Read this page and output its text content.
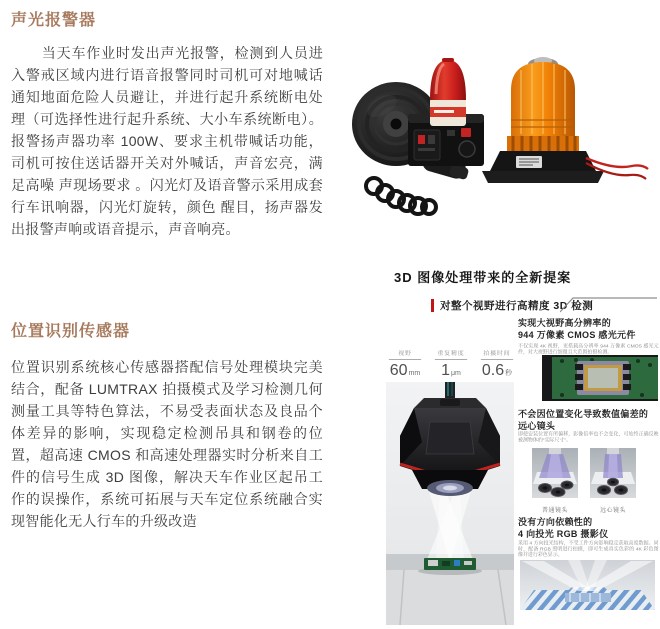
声光报警器
当天车作业时发出声光报警，检测到人员进入警戒区域内进行语音报警同时司机可对地喊话通知地面危险人员避让，并进行起升系统断电处理（可选择性进行起升系统、大小车系统断电）。报警扬声器功率 100W、要求主机带喊话功能，司机可按住送话器开关对外喊话，声音宏亮，满足高噪 声现场要求 。闪光灯及语音警示采用成套行车讯响器，闪光灯旋转，颜色 醒目，扬声器发出报警声响或语音提示，声音响亮。
位置识别传感器
位置识别系统核心传感器搭配信号处理模块完美结合，配备 LUMTRAX 拍摄模式及学习检测几何测量工具等特色算法，不易受表面状态及良品个体差异的影响，实现稳定检测吊具和钢卷的位置，超高速 CMOS 和高速处理器实时分析来自工件的信号生成 3D 图像，解决天车作业区起吊工作的误操作，系统可拓展与天车定位系统融合实现智能化无人行车的升级改造
3D 图像处理带来的全新提案
对整个视野进行高精度 3D 检测
视野
60mm
重复精度
1μm
拍摄时间
0.6秒
实现大视野高分辨率的
944 万像素 CMOS 感光元件
不仅实现 4K 视野，更搭载高分辨率 944 万像素 CMOS 感光元件，对大视野进行细微且大范围拍摄检测。
不会因位置变化导致数值偏差的
远心镜头
即使安装位置有所偏移，影像倍率也不会变化，可始终正确反映被测物体的“实际尺寸”。
普通镜头	远心镜头
没有方向依赖性的
4 向投光 RGB 摄影仪
采用 4 方向投光结构，不受工件方向影响稳定获取高度数据。同时，配备 RGB 照明进行拍摄，即可生成真实色彩的 4K 彩色图像并进行彩色显示。
